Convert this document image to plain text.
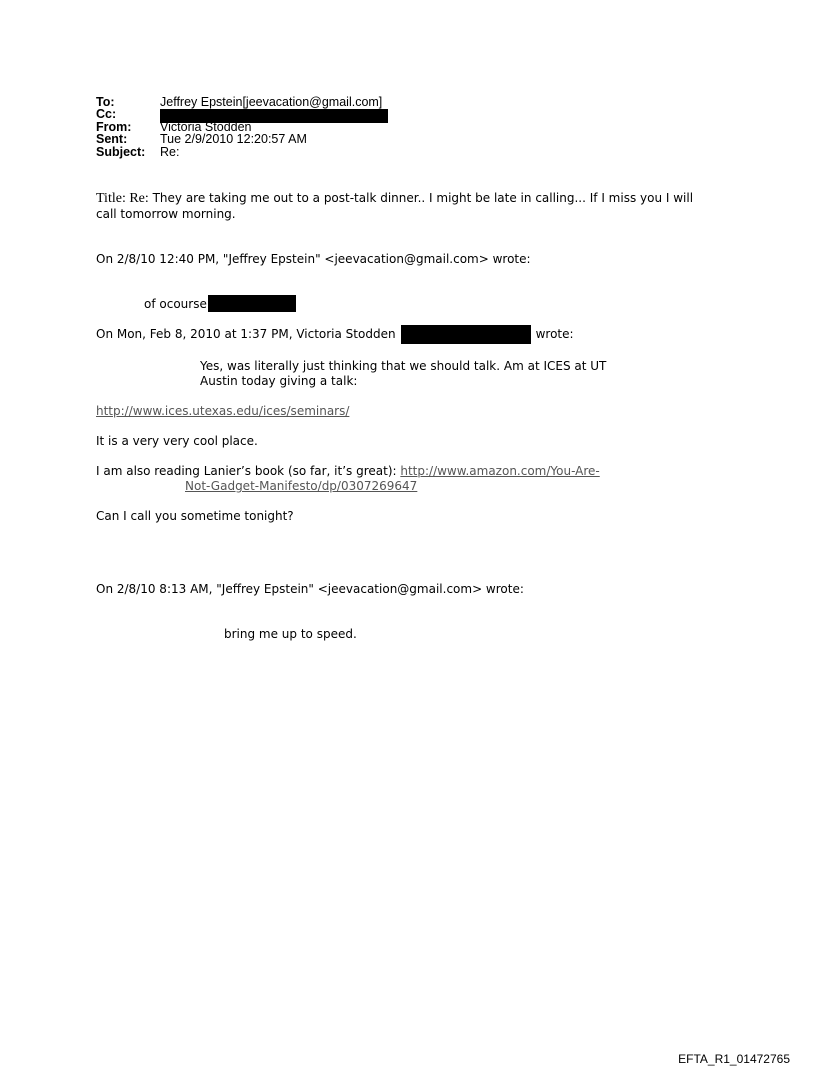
To:	Jeffrey Epstein[jeevacation@gmail.com]
Cc:
From:	Victoria Stodden
Sent:	Tue 2/9/2010 12:20:57 AM
Subject:	Re:
Title: Re: They are taking me out to a post-talk dinner.. I might be late in calling... If I miss you I will
call tomorrow morning.
On 2/8/10 12:40 PM, "Jeffrey Epstein" <jeevacation@gmail.com> wrote:
of ocourse
On Mon, Feb 8, 2010 at 1:37 PM, Victoria Stodden	wrote:
Yes, was literally just thinking that we should talk. Am at ICES at UT
Austin today giving a talk:
http://www.ices.utexas.edu/ices/seminars/
It is a very very cool place.
I am also reading Lanier’s book (so far, it’s great): http://www.amazon.com/You-Are-
Not-Gadget-Manifesto/dp/0307269647
Can I call you sometime tonight?
On 2/8/10 8:13 AM, "Jeffrey Epstein" <jeevacation@gmail.com> wrote:
bring me up to speed.
EFTA_R1_01472765
